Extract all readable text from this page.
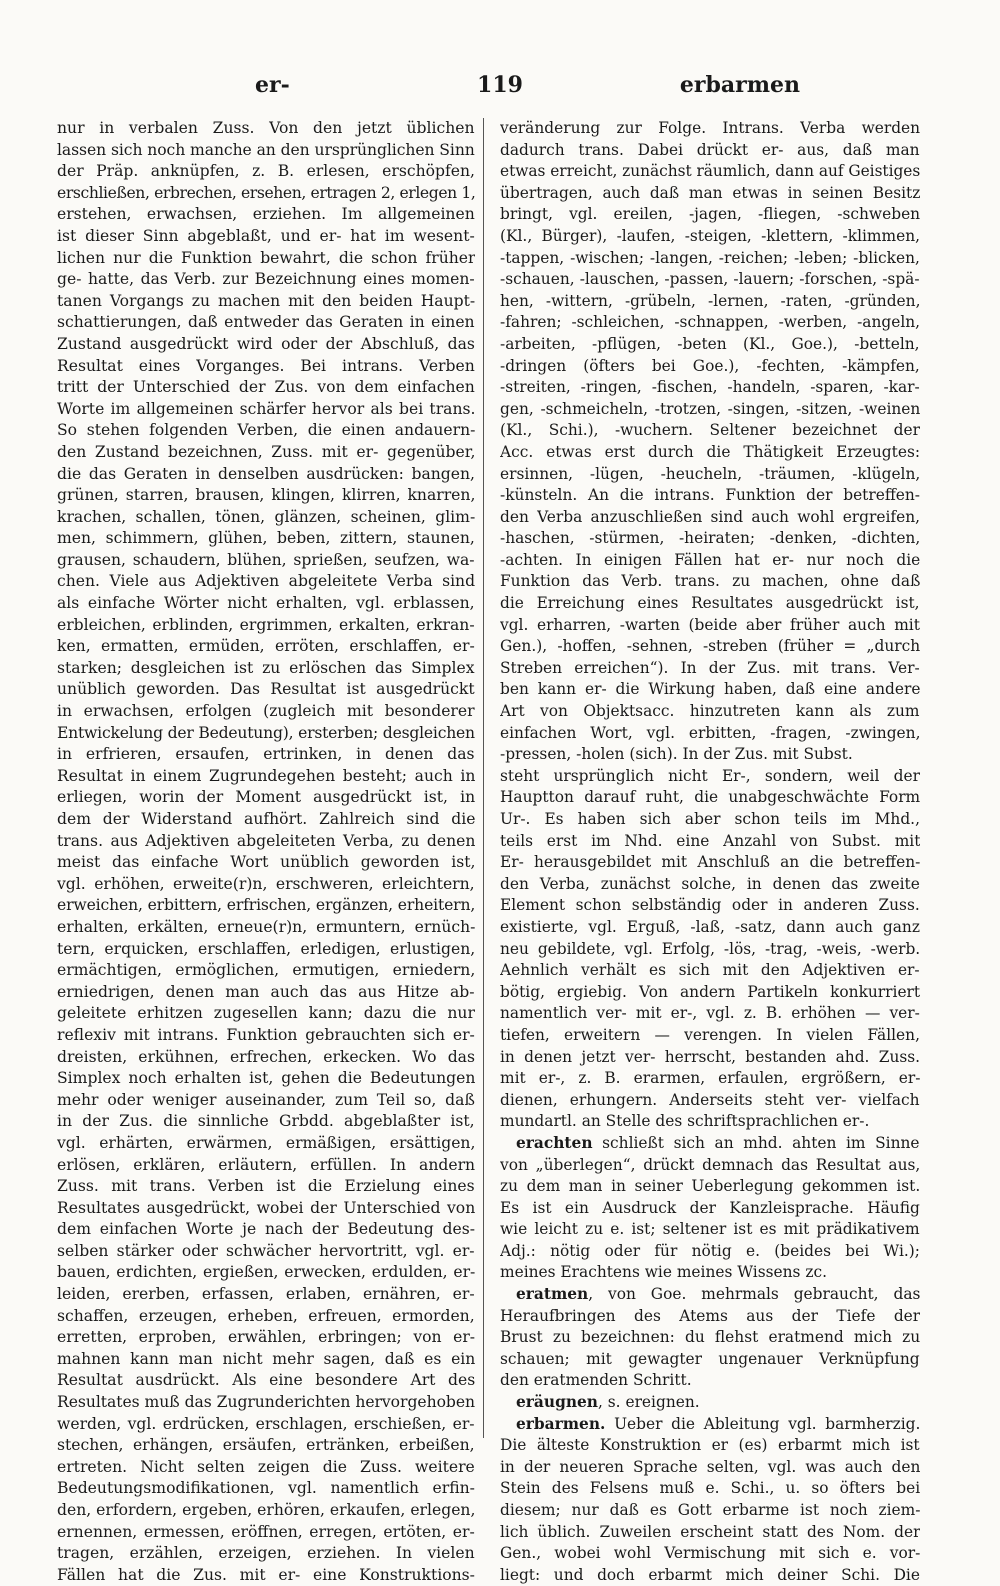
er-	119	erbarmen
nur in verbalen Zuss. Von den jetzt üblichen
lassen sich noch manche an den ursprünglichen Sinn
der Präp. anknüpfen, z. B. erlesen, erschöpfen,
erschließen, erbrechen, ersehen, ertragen 2, erlegen 1,
erstehen, erwachsen, erziehen. Im allgemeinen
ist dieser Sinn abgeblaßt, und er- hat im wesent-
lichen nur die Funktion bewahrt, die schon früher
ge- hatte, das Verb. zur Bezeichnung eines momen-
tanen Vorgangs zu machen mit den beiden Haupt-
schattierungen, daß entweder das Geraten in einen
Zustand ausgedrückt wird oder der Abschluß, das
Resultat eines Vorganges. Bei intrans. Verben
tritt der Unterschied der Zus. von dem einfachen
Worte im allgemeinen schärfer hervor als bei trans.
So stehen folgenden Verben, die einen andauern-
den Zustand bezeichnen, Zuss. mit er- gegenüber,
die das Geraten in denselben ausdrücken: bangen,
grünen, starren, brausen, klingen, klirren, knarren,
krachen, schallen, tönen, glänzen, scheinen, glim-
men, schimmern, glühen, beben, zittern, staunen,
grausen, schaudern, blühen, sprießen, seufzen, wa-
chen. Viele aus Adjektiven abgeleitete Verba sind
als einfache Wörter nicht erhalten, vgl. erblassen,
erbleichen, erblinden, ergrimmen, erkalten, erkran-
ken, ermatten, ermüden, erröten, erschlaffen, er-
starken; desgleichen ist zu erlöschen das Simplex
unüblich geworden. Das Resultat ist ausgedrückt
in erwachsen, erfolgen (zugleich mit besonderer
Entwickelung der Bedeutung), ersterben; desgleichen
in erfrieren, ersaufen, ertrinken, in denen das
Resultat in einem Zugrundegehen besteht; auch in
erliegen, worin der Moment ausgedrückt ist, in
dem der Widerstand aufhört. Zahlreich sind die
trans. aus Adjektiven abgeleiteten Verba, zu denen
meist das einfache Wort unüblich geworden ist,
vgl. erhöhen, erweite(r)n, erschweren, erleichtern,
erweichen, erbittern, erfrischen, ergänzen, erheitern,
erhalten, erkälten, erneue(r)n, ermuntern, ernüch-
tern, erquicken, erschlaffen, erledigen, erlustigen,
ermächtigen, ermöglichen, ermutigen, erniedern,
erniedrigen, denen man auch das aus Hitze ab-
geleitete erhitzen zugesellen kann; dazu die nur
reflexiv mit intrans. Funktion gebrauchten sich er-
dreisten, erkühnen, erfrechen, erkecken. Wo das
Simplex noch erhalten ist, gehen die Bedeutungen
mehr oder weniger auseinander, zum Teil so, daß
in der Zus. die sinnliche Grbdd. abgeblaßter ist,
vgl. erhärten, erwärmen, ermäßigen, ersättigen,
erlösen, erklären, erläutern, erfüllen. In andern
Zuss. mit trans. Verben ist die Erzielung eines
Resultates ausgedrückt, wobei der Unterschied von
dem einfachen Worte je nach der Bedeutung des-
selben stärker oder schwächer hervortritt, vgl. er-
bauen, erdichten, ergießen, erwecken, erdulden, er-
leiden, ererben, erfassen, erlaben, ernähren, er-
schaffen, erzeugen, erheben, erfreuen, ermorden,
erretten, erproben, erwählen, erbringen; von er-
mahnen kann man nicht mehr sagen, daß es ein
Resultat ausdrückt. Als eine besondere Art des
Resultates muß das Zugrunderichten hervorgehoben
werden, vgl. erdrücken, erschlagen, erschießen, er-
stechen, erhängen, ersäufen, ertränken, erbeißen,
ertreten. Nicht selten zeigen die Zuss. weitere
Bedeutungsmodifikationen, vgl. namentlich erfin-
den, erfordern, ergeben, erhören, erkaufen, erlegen,
ernennen, ermessen, eröffnen, erregen, ertöten, er-
tragen, erzählen, erzeigen, erziehen. In vielen
Fällen hat die Zus. mit er- eine Konstruktions-
veränderung zur Folge. Intrans. Verba werden
dadurch trans. Dabei drückt er- aus, daß man
etwas erreicht, zunächst räumlich, dann auf Geistiges
übertragen, auch daß man etwas in seinen Besitz
bringt, vgl. ereilen, -jagen, -fliegen, -schweben
(Kl., Bürger), -laufen, -steigen, -klettern, -klimmen,
-tappen, -wischen; -langen, -reichen; -leben; -blicken,
-schauen, -lauschen, -passen, -lauern; -forschen, -spä-
hen, -wittern, -grübeln, -lernen, -raten, -gründen,
-fahren; -schleichen, -schnappen, -werben, -angeln,
-arbeiten, -pflügen, -beten (Kl., Goe.), -betteln,
-dringen (öfters bei Goe.), -fechten, -kämpfen,
-streiten, -ringen, -fischen, -handeln, -sparen, -kar-
gen, -schmeicheln, -trotzen, -singen, -sitzen, -weinen
(Kl., Schi.), -wuchern. Seltener bezeichnet der
Acc. etwas erst durch die Thätigkeit Erzeugtes:
ersinnen, -lügen, -heucheln, -träumen, -klügeln,
-künsteln. An die intrans. Funktion der betreffen-
den Verba anzuschließen sind auch wohl ergreifen,
-haschen, -stürmen, -heiraten; -denken, -dichten,
-achten. In einigen Fällen hat er- nur noch die
Funktion das Verb. trans. zu machen, ohne daß
die Erreichung eines Resultates ausgedrückt ist,
vgl. erharren, -warten (beide aber früher auch mit
Gen.), -hoffen, -sehnen, -streben (früher = „durch
Streben erreichen“). In der Zus. mit trans. Ver-
ben kann er- die Wirkung haben, daß eine andere
Art von Objektsacc. hinzutreten kann als zum
einfachen Wort, vgl. erbitten, -fragen, -zwingen,
-pressen, -holen (sich). In der Zus. mit Subst.
steht ursprünglich nicht Er-, sondern, weil der
Hauptton darauf ruht, die unabgeschwächte Form
Ur-. Es haben sich aber schon teils im Mhd.,
teils erst im Nhd. eine Anzahl von Subst. mit
Er- herausgebildet mit Anschluß an die betreffen-
den Verba, zunächst solche, in denen das zweite
Element schon selbständig oder in anderen Zuss.
existierte, vgl. Erguß, -laß, -satz, dann auch ganz
neu gebildete, vgl. Erfolg, -lös, -trag, -weis, -werb.
Aehnlich verhält es sich mit den Adjektiven er-
bötig, ergiebig. Von andern Partikeln konkurriert
namentlich ver- mit er-, vgl. z. B. erhöhen — ver-
tiefen, erweitern — verengen. In vielen Fällen,
in denen jetzt ver- herrscht, bestanden ahd. Zuss.
mit er-, z. B. erarmen, erfaulen, ergrößern, er-
dienen, erhungern. Anderseits steht ver- vielfach
mundartl. an Stelle des schriftsprachlichen er-.
erachten schließt sich an mhd. ahten im Sinne
von „überlegen“, drückt demnach das Resultat aus,
zu dem man in seiner Ueberlegung gekommen ist.
Es ist ein Ausdruck der Kanzleisprache. Häufig
wie leicht zu e. ist; seltener ist es mit prädikativem
Adj.: nötig oder für nötig e. (beides bei Wi.);
meines Erachtens wie meines Wissens zc.
eratmen, von Goe. mehrmals gebraucht, das
Heraufbringen des Atems aus der Tiefe der
Brust zu bezeichnen: du flehst eratmend mich zu
schauen; mit gewagter ungenauer Verknüpfung
den eratmenden Schritt.
eräugnen, s. ereignen.
erbarmen. Ueber die Ableitung vgl. barmherzig.
Die älteste Konstruktion er (es) erbarmt mich ist
in der neueren Sprache selten, vgl. was auch den
Stein des Felsens muß e. Schi., u. so öfters bei
diesem; nur daß es Gott erbarme ist noch ziem-
lich üblich. Zuweilen erscheint statt des Nom. der
Gen., wobei wohl Vermischung mit sich e. vor-
liegt: und doch erbarmt mich deiner Schi. Die
